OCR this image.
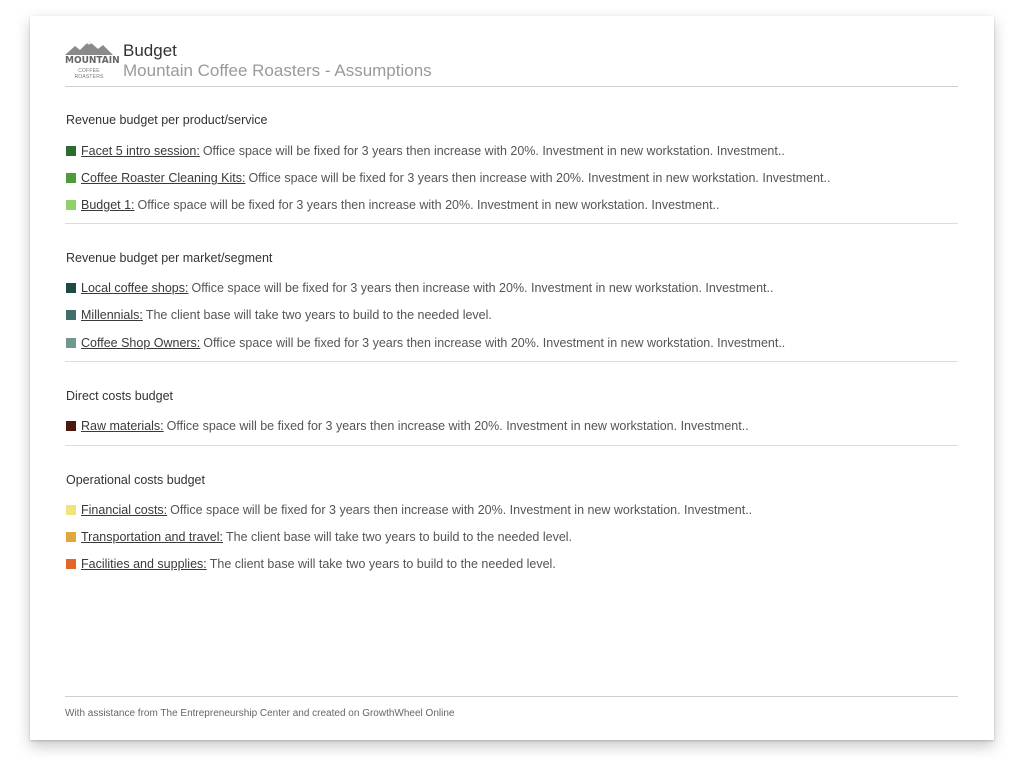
MOUNTAIN
COFFEE ROASTERS
Budget
Mountain Coffee Roasters - Assumptions
Revenue budget per product/service
Facet 5 intro session: Office space will be fixed for 3 years then increase with 20%. Investment in new workstation. Investment..
Coffee Roaster Cleaning Kits: Office space will be fixed for 3 years then increase with 20%. Investment in new workstation. Investment..
Budget 1: Office space will be fixed for 3 years then increase with 20%. Investment in new workstation. Investment..
Revenue budget per market/segment
Local coffee shops: Office space will be fixed for 3 years then increase with 20%. Investment in new workstation. Investment..
Millennials: The client base will take two years to build to the needed level.
Coffee Shop Owners: Office space will be fixed for 3 years then increase with 20%. Investment in new workstation. Investment..
Direct costs budget
Raw materials: Office space will be fixed for 3 years then increase with 20%. Investment in new workstation. Investment..
Operational costs budget
Financial costs: Office space will be fixed for 3 years then increase with 20%. Investment in new workstation. Investment..
Transportation and travel: The client base will take two years to build to the needed level.
Facilities and supplies: The client base will take two years to build to the needed level.
With assistance from The Entrepreneurship Center and created on GrowthWheel Online
